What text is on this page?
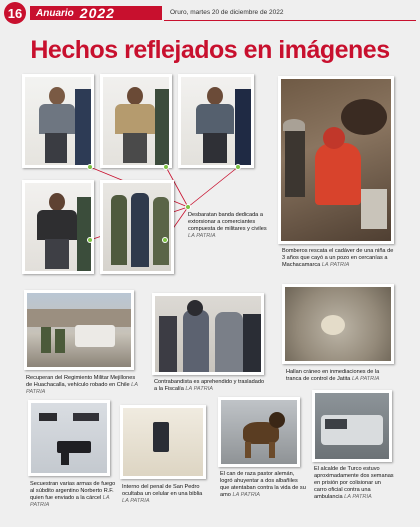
16	Anuario 2022	Oruro, martes 20 de diciembre de 2022
Hechos reflejados en imágenes
Desbaratan banda dedicada a extorsionar a comerciantes compuesta de militares y civiles LA PATRIA
Bomberos rescata el cadáver de una niña de 3 años que cayó a un pozo en cercanías a Machacamarca LA PATRIA
Recuperan del Regimiento Militar Mejillones de Huachacalla, vehículo robado en Chile LA PATRIA
Contrabandista es aprehendido y trasladado a la Fiscalía LA PATRIA
Hallan cráneo en inmediaciones de la tranca de control de Jatita LA PATRIA
Secuestran varias armas de fuego al súbdito argentino Norberto R.F. quien fue enviado a la cárcel LA PATRIA
Interno del penal de San Pedro ocultaba un celular en una biblia LA PATRIA
El can de raza pastor alemán, logró ahuyentar a dos albañiles que atentaban contra la vida de su amo LA PATRIA
El alcalde de Turco estuvo aproximadamente dos semanas en prisión por colisionar un carro oficial contra una ambulancia LA PATRIA
